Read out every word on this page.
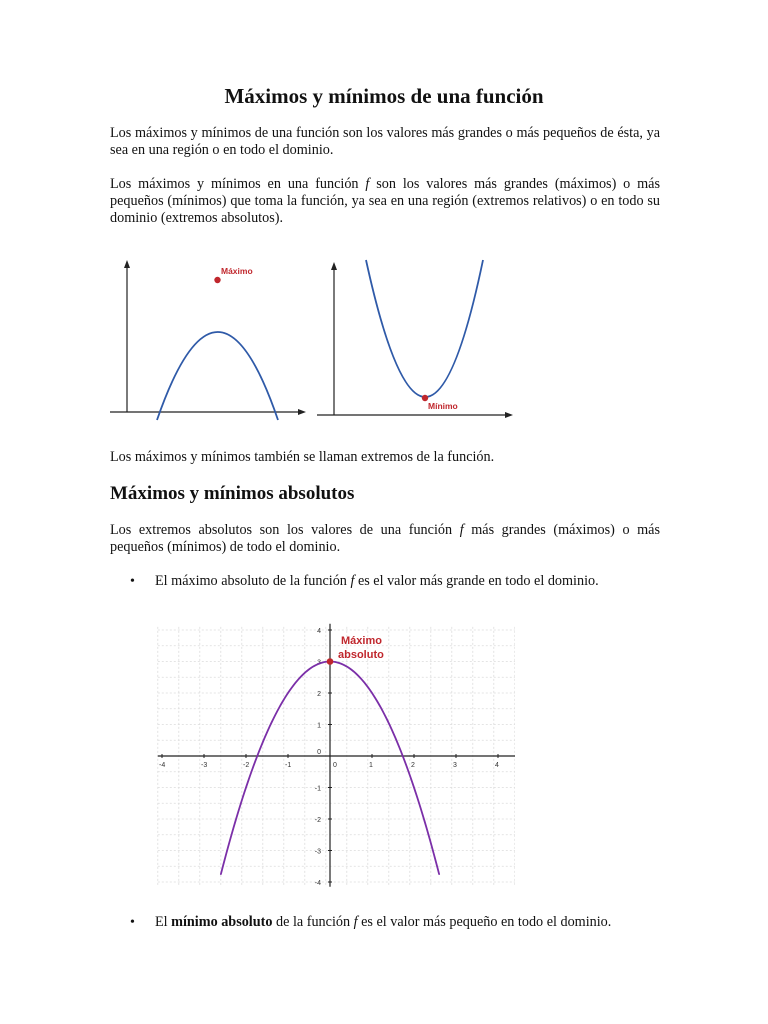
Máximos y mínimos de una función

Los máximos y mínimos de una función son los valores más grandes o más pequeños de ésta, ya sea en una región o en todo el dominio.

Los máximos y mínimos en una función f son los valores más grandes (máximos) o más pequeños (mínimos) que toma la función, ya sea en una región (extremos relativos) o en todo su dominio (extremos absolutos).

Máximo
Mínimo

Los máximos y mínimos también se llaman extremos de la función.

Máximos y mínimos absolutos

Los extremos absolutos son los valores de una función f más grandes (máximos) o más pequeños (mínimos) de todo el dominio.

• El máximo absoluto de la función f es el valor más grande en todo el dominio.
-4	-3	-2	-1	0	1	2	3	4
4
3
2
1
0
-1
-2
-3
-4
Máximo
absoluto
• El mínimo absoluto de la función f es el valor más pequeño en todo el dominio.
